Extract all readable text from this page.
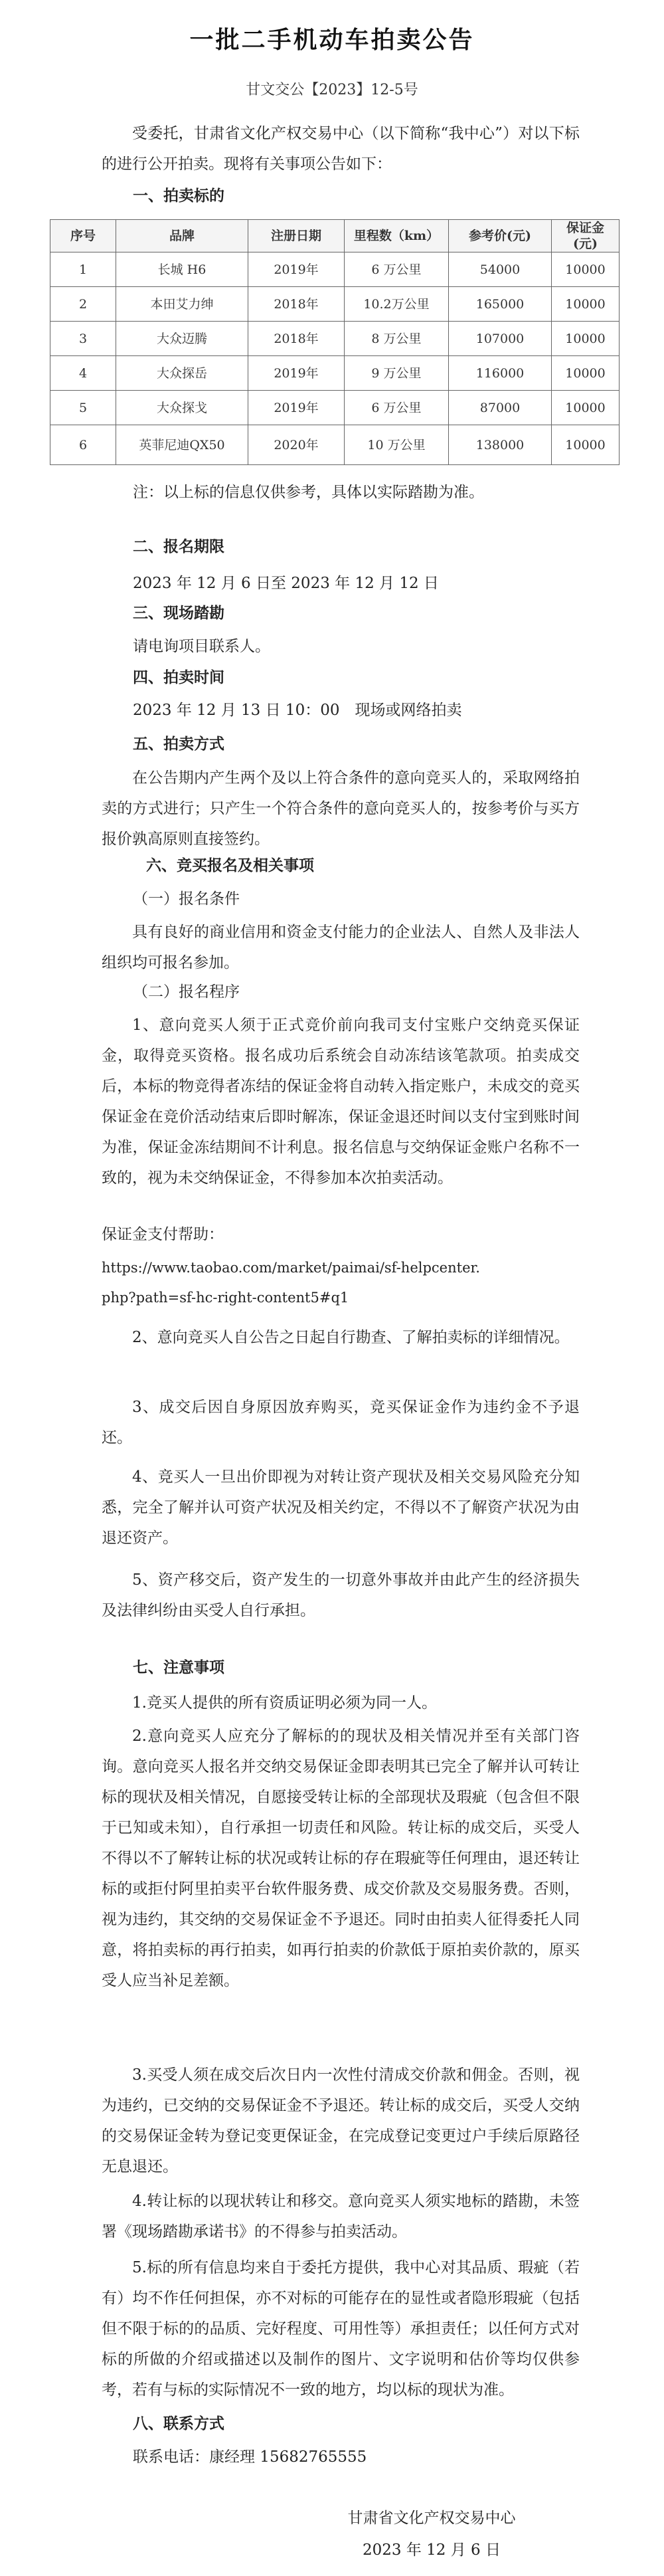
一批二手机动车拍卖公告
甘文交公【2023】12-5号

受委托，甘肃省文化产权交易中心（以下简称“我中心”）对以下标的进行公开拍卖。现将有关事项公告如下：

一、拍卖标的

序号	品牌	注册日期	里程数（km）	参考价(元)	保证金(元)
1	长城 H6	2019年	6 万公里	54000	10000
2	本田艾力绅	2018年	10.2万公里	165000	10000
3	大众迈腾	2018年	8 万公里	107000	10000
4	大众探岳	2019年	9 万公里	116000	10000
5	大众探戈	2019年	6 万公里	87000	10000
6	英菲尼迪QX50	2020年	10 万公里	138000	10000

注：以上标的信息仅供参考，具体以实际踏勘为准。

二、报名期限

2023 年 12 月 6 日至 2023 年 12 月 12 日

三、现场踏勘

请电询项目联系人。

四、拍卖时间

2023 年 12 月 13 日 10：00　现场或网络拍卖

五、拍卖方式

在公告期内产生两个及以上符合条件的意向竞买人的，采取网络拍卖的方式进行；只产生一个符合条件的意向竞买人的，按参考价与买方报价孰高原则直接签约。

六、竞买报名及相关事项

（一）报名条件

具有良好的商业信用和资金支付能力的企业法人、自然人及非法人组织均可报名参加。

（二）报名程序

1、意向竞买人须于正式竞价前向我司支付宝账户交纳竞买保证金，取得竞买资格。报名成功后系统会自动冻结该笔款项。拍卖成交后，本标的物竞得者冻结的保证金将自动转入指定账户，未成交的竞买保证金在竞价活动结束后即时解冻，保证金退还时间以支付宝到账时间为准，保证金冻结期间不计利息。报名信息与交纳保证金账户名称不一致的，视为未交纳保证金，不得参加本次拍卖活动。

保证金支付帮助：

https://www.taobao.com/market/paimai/sf-helpcenter.

php?path=sf-hc-right-content5#q1

2、意向竞买人自公告之日起自行勘查、了解拍卖标的详细情况。

3、成交后因自身原因放弃购买，竞买保证金作为违约金不予退还。

4、竞买人一旦出价即视为对转让资产现状及相关交易风险充分知悉，完全了解并认可资产状况及相关约定，不得以不了解资产状况为由退还资产。

5、资产移交后，资产发生的一切意外事故并由此产生的经济损失及法律纠纷由买受人自行承担。

七、注意事项

1.竞买人提供的所有资质证明必须为同一人。

2.意向竞买人应充分了解标的的现状及相关情况并至有关部门咨询。意向竞买人报名并交纳交易保证金即表明其已完全了解并认可转让标的现状及相关情况，自愿接受转让标的全部现状及瑕疵（包含但不限于已知或未知），自行承担一切责任和风险。转让标的成交后，买受人不得以不了解转让标的状况或转让标的存在瑕疵等任何理由，退还转让标的或拒付阿里拍卖平台软件服务费、成交价款及交易服务费。否则，视为违约，其交纳的交易保证金不予退还。同时由拍卖人征得委托人同意，将拍卖标的再行拍卖，如再行拍卖的价款低于原拍卖价款的，原买受人应当补足差额。

3.买受人须在成交后次日内一次性付清成交价款和佣金。否则，视为违约，已交纳的交易保证金不予退还。转让标的成交后，买受人交纳的交易保证金转为登记变更保证金，在完成登记变更过户手续后原路径无息退还。

4.转让标的以现状转让和移交。意向竞买人须实地标的踏勘，未签署《现场踏勘承诺书》的不得参与拍卖活动。

5.标的所有信息均来自于委托方提供，我中心对其品质、瑕疵（若有）均不作任何担保，亦不对标的可能存在的显性或者隐形瑕疵（包括但不限于标的的品质、完好程度、可用性等）承担责任；以任何方式对标的所做的介绍或描述以及制作的图片、文字说明和估价等均仅供参考，若有与标的实际情况不一致的地方，均以标的现状为准。

八、联系方式

联系电话：康经理 15682765555

甘肃省文化产权交易中心
2023 年 12 月 6 日
